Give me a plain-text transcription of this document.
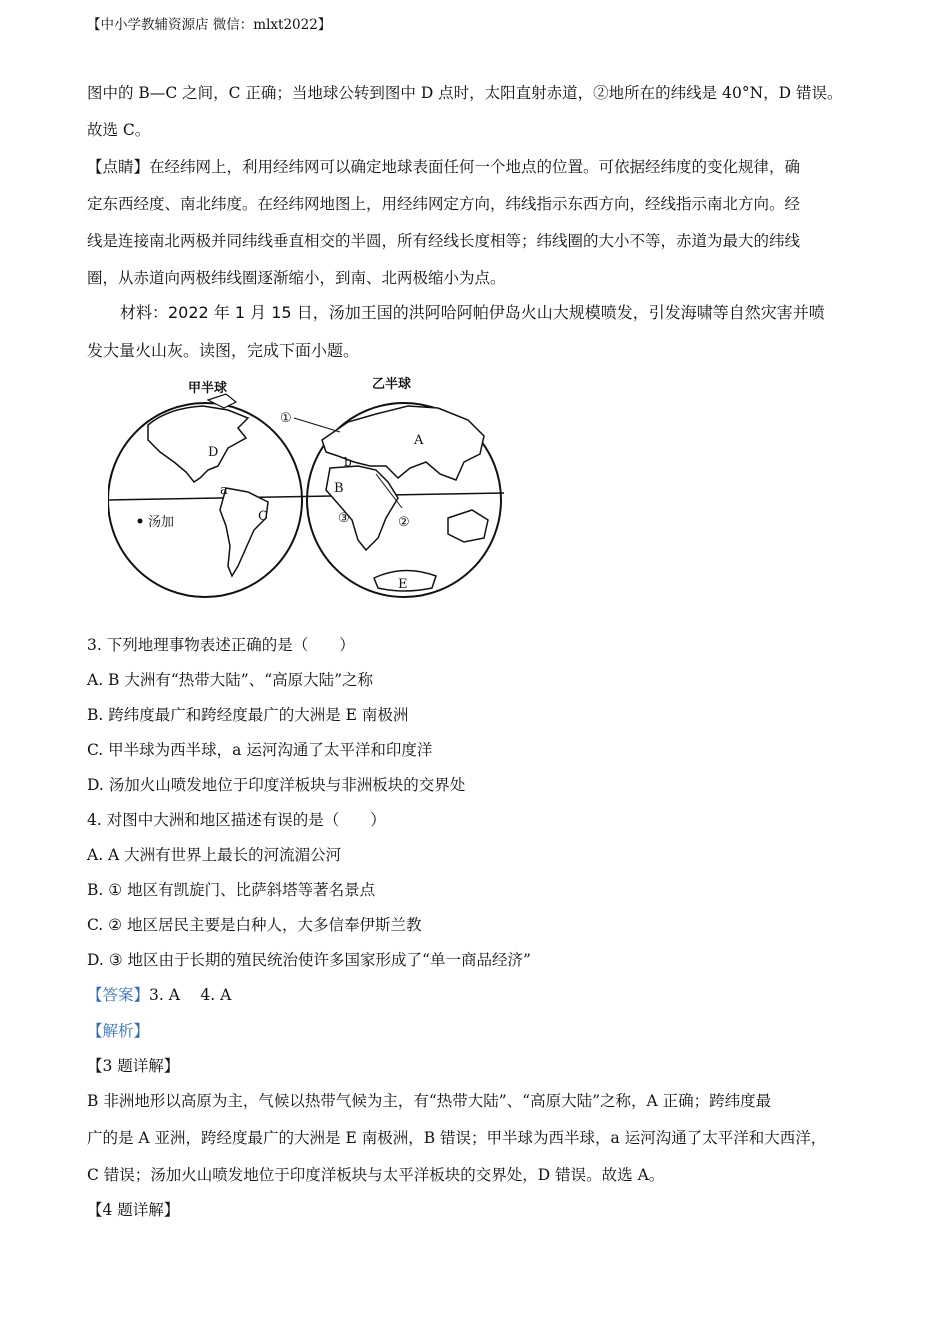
【中小学教辅资源店 微信：mlxt2022】
图中的 B—C 之间，C 正确；当地球公转到图中 D 点时，太阳直射赤道，②地所在的纬线是 40°N，D 错误。
故选 C。
【点睛】在经纬网上，利用经纬网可以确定地球表面任何一个地点的位置。可依据经纬度的变化规律，确
定东西经度、南北纬度。在经纬网地图上，用经纬网定方向，纬线指示东西方向，经线指示南北方向。经
线是连接南北两极并同纬线垂直相交的半圆，所有经线长度相等；纬线圈的大小不等，赤道为最大的纬线
圈，从赤道向两极纬线圈逐渐缩小，到南、北两极缩小为点。
材料：2022 年 1 月 15 日，汤加王国的洪阿哈阿帕伊岛火山大规模喷发，引发海啸等自然灾害并喷
发大量火山灰。读图，完成下面小题。
甲半球	乙半球
D
a
C
汤加
①
A
b
B
③	②
E
3. 下列地理事物表述正确的是（　　）
A. B 大洲有“热带大陆”、“高原大陆”之称
B. 跨纬度最广和跨经度最广的大洲是 E 南极洲
C. 甲半球为西半球，a 运河沟通了太平洋和印度洋
D. 汤加火山喷发地位于印度洋板块与非洲板块的交界处
4. 对图中大洲和地区描述有误的是（　　）
A. A 大洲有世界上最长的河流湄公河
B. ① 地区有凯旋门、比萨斜塔等著名景点
C. ② 地区居民主要是白种人，大多信奉伊斯兰教
D. ③ 地区由于长期的殖民统治使许多国家形成了“单一商品经济”
【答案】3. A　 4. A
【解析】
【3 题详解】
B 非洲地形以高原为主，气候以热带气候为主，有“热带大陆”、“高原大陆”之称，A 正确；跨纬度最
广的是 A 亚洲，跨经度最广的大洲是 E 南极洲，B 错误；甲半球为西半球，a 运河沟通了太平洋和大西洋，
C 错误；汤加火山喷发地位于印度洋板块与太平洋板块的交界处，D 错误。故选 A。
【4 题详解】
